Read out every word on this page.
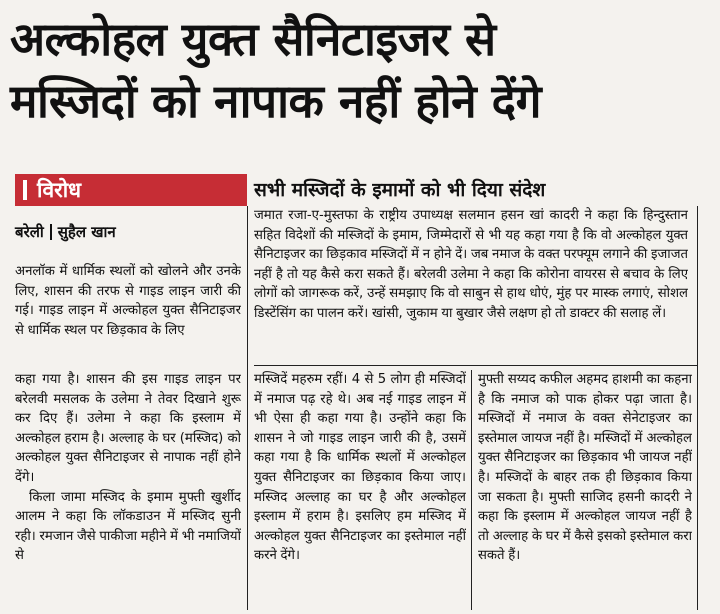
अल्कोहल युक्त सैनिटाइजर से
मस्जिदों को नापाक नहीं होने देंगे
विरोध	सभी मस्जिदों के इमामों को भी दिया संदेश
बरेली सुहैल खान

अनलॉक में धार्मिक स्थलों को खोलने और उनके लिए, शासन की तरफ से गाइड लाइन जारी की गई। गाइड लाइन में अल्कोहल युक्त सैनिटाइजर से धार्मिक स्थल पर छिड़काव के लिए

जमात रजा-ए-मुस्तफा के राष्ट्रीय उपाध्यक्ष सलमान हसन खां कादरी ने कहा कि हिन्दुस्तान सहित विदेशों की मस्जिदों के इमाम, जिम्मेदारों से भी यह कहा गया है कि वो अल्कोहल युक्त सैनिटाइजर का छिड़काव मस्जिदों में न होने दें। जब नमाज के वक्त परफ्यूम लगाने की इजाजत नहीं है तो यह कैसे करा सकते हैं। बरेलवी उलेमा ने कहा कि कोरोना वायरस से बचाव के लिए लोगों को जागरूक करें, उन्हें समझाए कि वो साबुन से हाथ धोएं, मुंह पर मास्क लगाएं, सोशल डिस्टेंसिंग का पालन करें। खांसी, जुकाम या बुखार जैसे लक्षण हो तो डाक्टर की सलाह लें।

कहा गया है। शासन की इस गाइड लाइन पर बरेलवी मसलक के उलेमा ने तेवर दिखाने शुरू कर दिए हैं। उलेमा ने कहा कि इस्लाम में अल्कोहल हराम है। अल्लाह के घर (मस्जिद) को अल्कोहल युक्त सैनिटाइजर से नापाक नहीं होने देंगे।

किला जामा मस्जिद के इमाम मुफ्ती खुर्शीद आलम ने कहा कि लॉकडाउन में मस्जिद सुनी रही। रमजान जैसे पाकीजा महीने में भी नमाजियों से

मस्जिदें महरुम रहीं। 4 से 5 लोग ही मस्जिदों में नमाज पढ़ रहे थे। अब नई गाइड लाइन में भी ऐसा ही कहा गया है। उन्होंने कहा कि शासन ने जो गाइड लाइन जारी की है, उसमें कहा गया है कि धार्मिक स्थलों में अल्कोहल युक्त सैनिटाइजर का छिड़काव किया जाए। मस्जिद अल्लाह का घर है और अल्कोहल इस्लाम में हराम है। इसलिए हम मस्जिद में अल्कोहल युक्त सैनिटाइजर का इस्तेमाल नहीं करने देंगे।

मुफ्ती सय्यद कफील अहमद हाशमी का कहना है कि नमाज को पाक होकर पढ़ा जाता है। मस्जिदों में नमाज के वक्त सेनेटाइजर का इस्तेमाल जायज नहीं है। मस्जिदों में अल्कोहल युक्त सैनिटाइजर का छिड़काव भी जायज नहीं है। मस्जिदों के बाहर तक ही छिड़काव किया जा सकता है। मुफ्ती साजिद हसनी कादरी ने कहा कि इस्लाम में अल्कोहल जायज नहीं है तो अल्लाह के घर में कैसे इसको इस्तेमाल करा सकते हैं।
